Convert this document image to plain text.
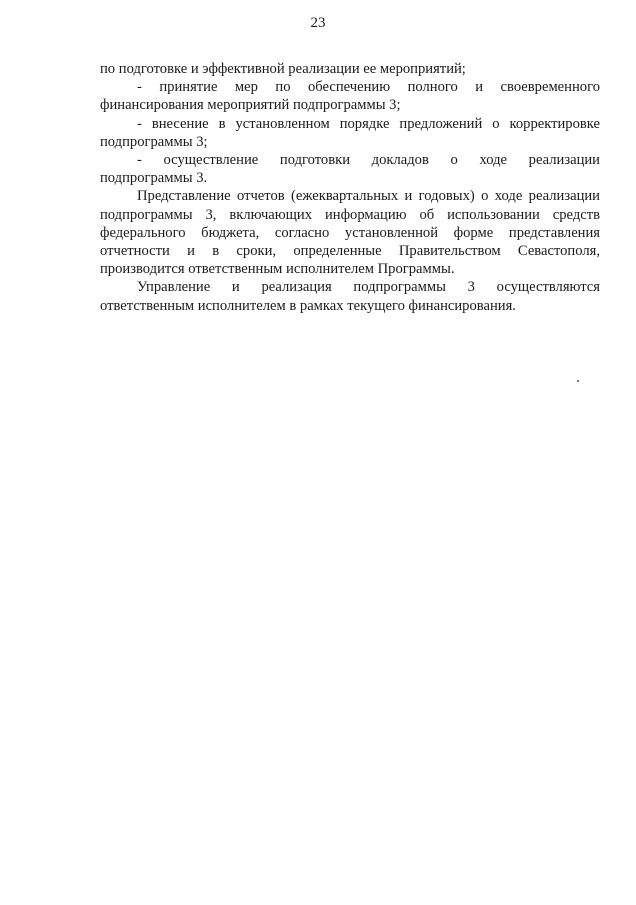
23
по подготовке и эффективной реализации ее мероприятий;
- принятие мер по обеспечению полного и своевременного
финансирования мероприятий подпрограммы 3;
- внесение в установленном порядке предложений о корректировке
подпрограммы 3;
- осуществление подготовки докладов о ходе реализации
подпрограммы 3.
Представление отчетов (ежеквартальных и годовых) о ходе реализации
подпрограммы 3, включающих информацию об использовании средств
федерального бюджета, согласно установленной форме представления
отчетности и в сроки, определенные Правительством Севастополя,
производится ответственным исполнителем Программы.
Управление и реализация подпрограммы 3 осуществляются
ответственным исполнителем в рамках текущего финансирования.
